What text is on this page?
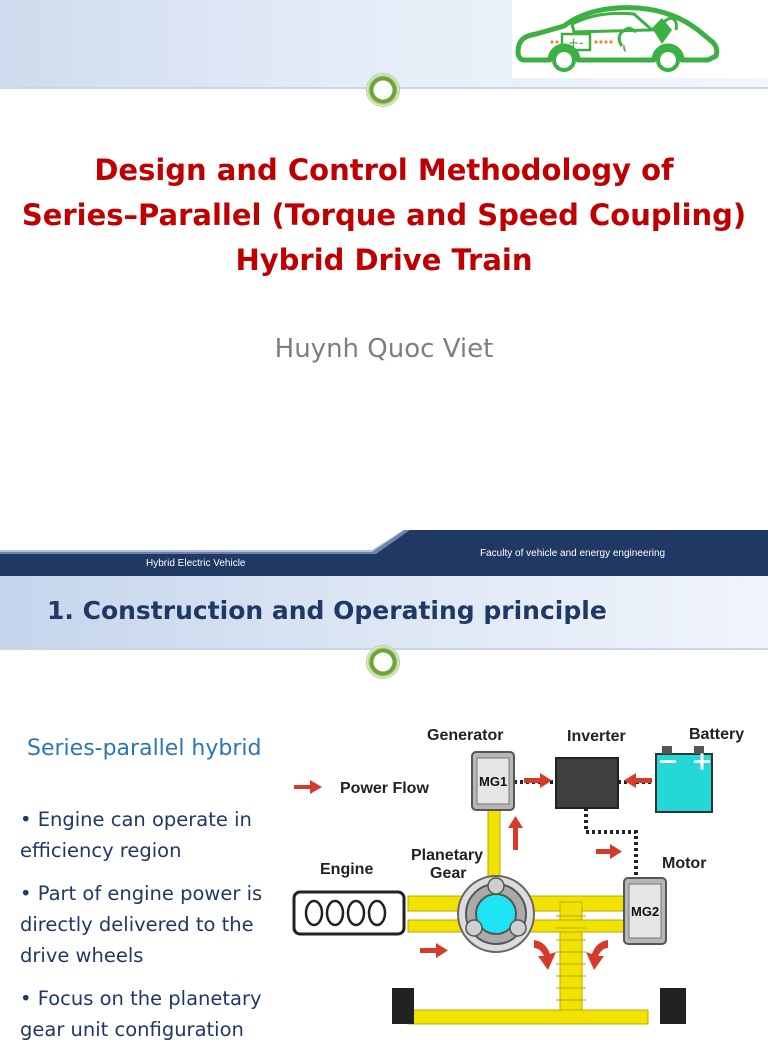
+-
Design and Control Methodology of
Series–Parallel (Torque and Speed Coupling)
Hybrid Drive Train
Huynh Quoc Viet
Hybrid Electric Vehicle
Faculty of vehicle and energy engineering
1. Construction and Operating principle
Series-parallel hybrid
• Engine can operate in efficiency region
• Part of engine power is directly delivered to the drive wheels
• Focus on the planetary gear unit configuration
Generator	Inverter	Battery
Power Flow
Planetary
Gear
Motor
Engine
MG1
MG2
